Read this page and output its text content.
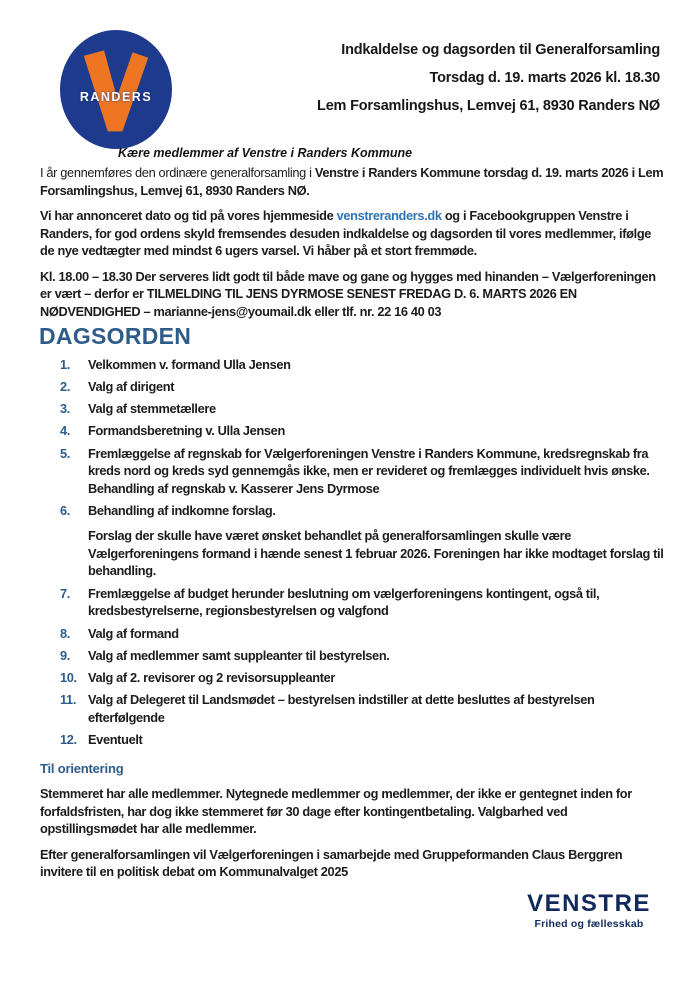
RANDERS
Indkaldelse og dagsorden til Generalforsamling
Torsdag d. 19. marts 2026 kl. 18.30
Lem Forsamlingshus, Lemvej 61, 8930 Randers NØ
Kære medlemmer af Venstre i Randers Kommune

I år gennemføres den ordinære generalforsamling i Venstre i Randers Kommune torsdag d. 19. marts 2026 i Lem Forsamlingshus, Lemvej 61, 8930 Randers NØ.

Vi har annonceret dato og tid på vores hjemmeside venstreranders.dk og i Facebookgruppen Venstre i Randers, for god ordens skyld fremsendes desuden indkaldelse og dagsorden til vores medlemmer, ifølge de nye vedtægter med mindst 6 ugers varsel. Vi håber på et stort fremmøde.

Kl. 18.00 – 18.30 Der serveres lidt godt til både mave og gane og hygges med hinanden – Vælgerforeningen er vært – derfor er TILMELDING TIL JENS DYRMOSE SENEST FREDAG D. 6. MARTS 2026 EN NØDVENDIGHED – marianne-jens@youmail.dk eller tlf. nr. 22 16 40 03

DAGSORDEN
1. Velkommen v. formand Ulla Jensen
2. Valg af dirigent
3. Valg af stemmetællere
4. Formandsberetning v. Ulla Jensen
5. Fremlæggelse af regnskab for Vælgerforeningen Venstre i Randers Kommune, kredsregnskab fra kreds nord og kreds syd gennemgås ikke, men er revideret og fremlægges individuelt hvis ønske. Behandling af regnskab v. Kasserer Jens Dyrmose
6. Behandling af indkomne forslag.
Forslag der skulle have været ønsket behandlet på generalforsamlingen skulle være Vælgerforeningens formand i hænde senest 1 februar 2026. Foreningen har ikke modtaget forslag til behandling.
7. Fremlæggelse af budget herunder beslutning om vælgerforeningens kontingent, også til, kredsbestyrelserne, regionsbestyrelsen og valgfond
8. Valg af formand
9. Valg af medlemmer samt suppleanter til bestyrelsen.
10. Valg af 2. revisorer og 2 revisorsuppleanter
11. Valg af Delegeret til Landsmødet – bestyrelsen indstiller at dette besluttes af bestyrelsen efterfølgende
12. Eventuelt
Til orientering

Stemmeret har alle medlemmer. Nytegnede medlemmer og medlemmer, der ikke er gentegnet inden for forfaldsfristen, har dog ikke stemmeret før 30 dage efter kontingentbetaling. Valgbarhed ved opstillingsmødet har alle medlemmer.

Efter generalforsamlingen vil Vælgerforeningen i samarbejde med Gruppeformanden Claus Berggren invitere til en politisk debat om Kommunalvalget 2025

VENSTRE
Frihed og fællesskab
